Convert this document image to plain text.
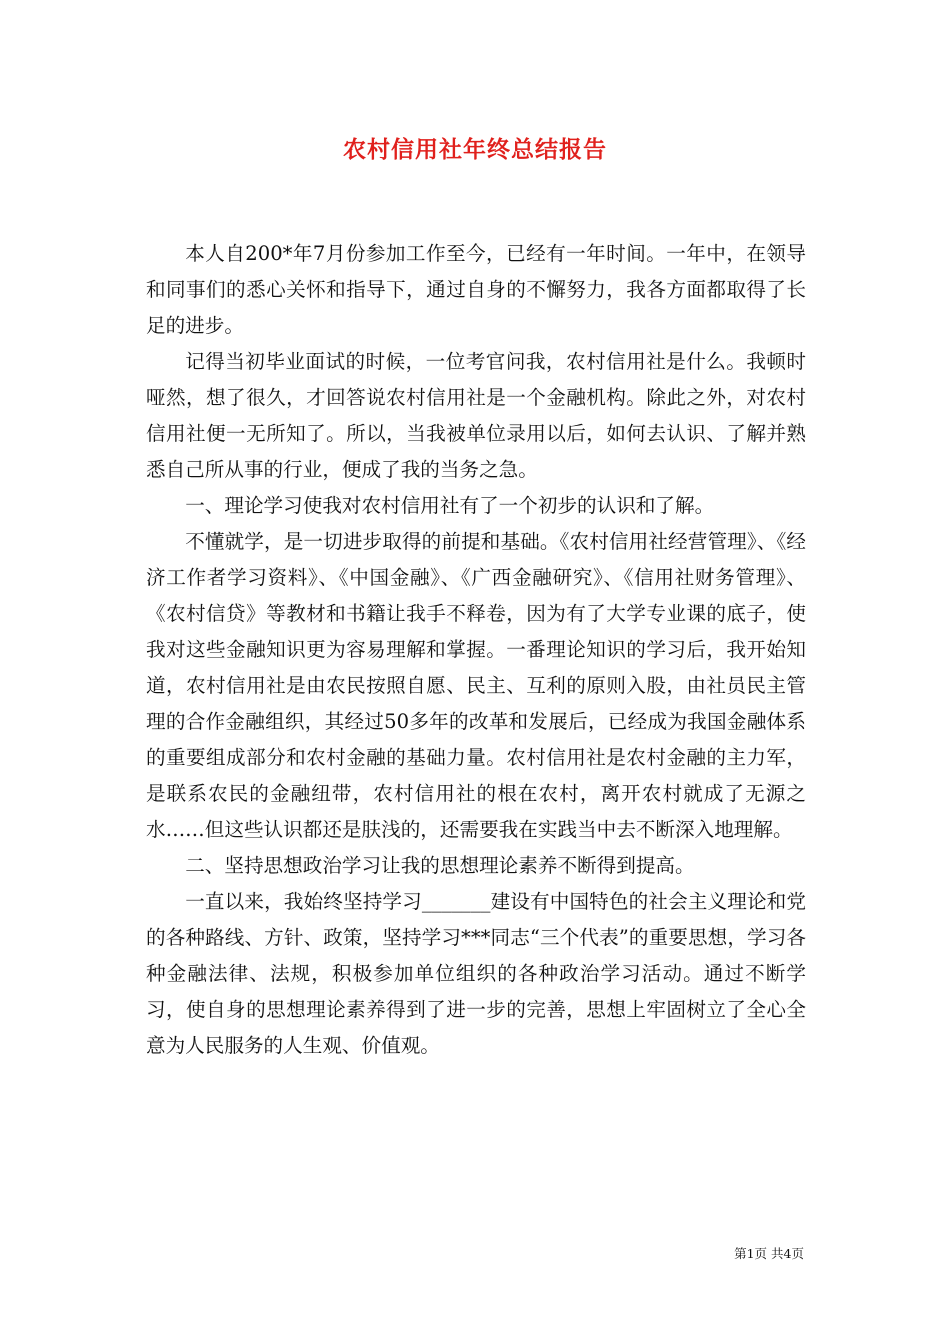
农村信用社年终总结报告

本人自200*年7月份参加工作至今，已经有一年时间。一年中，在领导和同事们的悉心关怀和指导下，通过自身的不懈努力，我各方面都取得了长足的进步。

记得当初毕业面试的时候，一位考官问我，农村信用社是什么。我顿时哑然，想了很久，才回答说农村信用社是一个金融机构。除此之外，对农村信用社便一无所知了。所以，当我被单位录用以后，如何去认识、了解并熟悉自己所从事的行业，便成了我的当务之急。

一、理论学习使我对农村信用社有了一个初步的认识和了解。

不懂就学，是一切进步取得的前提和基础。《农村信用社经营管理》、《经济工作者学习资料》、《中国金融》、《广西金融研究》、《信用社财务管理》、《农村信贷》等教材和书籍让我手不释卷，因为有了大学专业课的底子，使我对这些金融知识更为容易理解和掌握。一番理论知识的学习后，我开始知道，农村信用社是由农民按照自愿、民主、互利的原则入股，由社员民主管理的合作金融组织，其经过50多年的改革和发展后，已经成为我国金融体系的重要组成部分和农村金融的基础力量。农村信用社是农村金融的主力军，是联系农民的金融纽带，农村信用社的根在农村，离开农村就成了无源之水……但这些认识都还是肤浅的，还需要我在实践当中去不断深入地理解。

二、坚持思想政治学习让我的思想理论素养不断得到提高。

一直以来，我始终坚持学习_______建设有中国特色的社会主义理论和党的各种路线、方针、政策，坚持学习***同志“三个代表”的重要思想，学习各种金融法律、法规，积极参加单位组织的各种政治学习活动。通过不断学习，使自身的思想理论素养得到了进一步的完善，思想上牢固树立了全心全意为人民服务的人生观、价值观。

第1页 共4页
